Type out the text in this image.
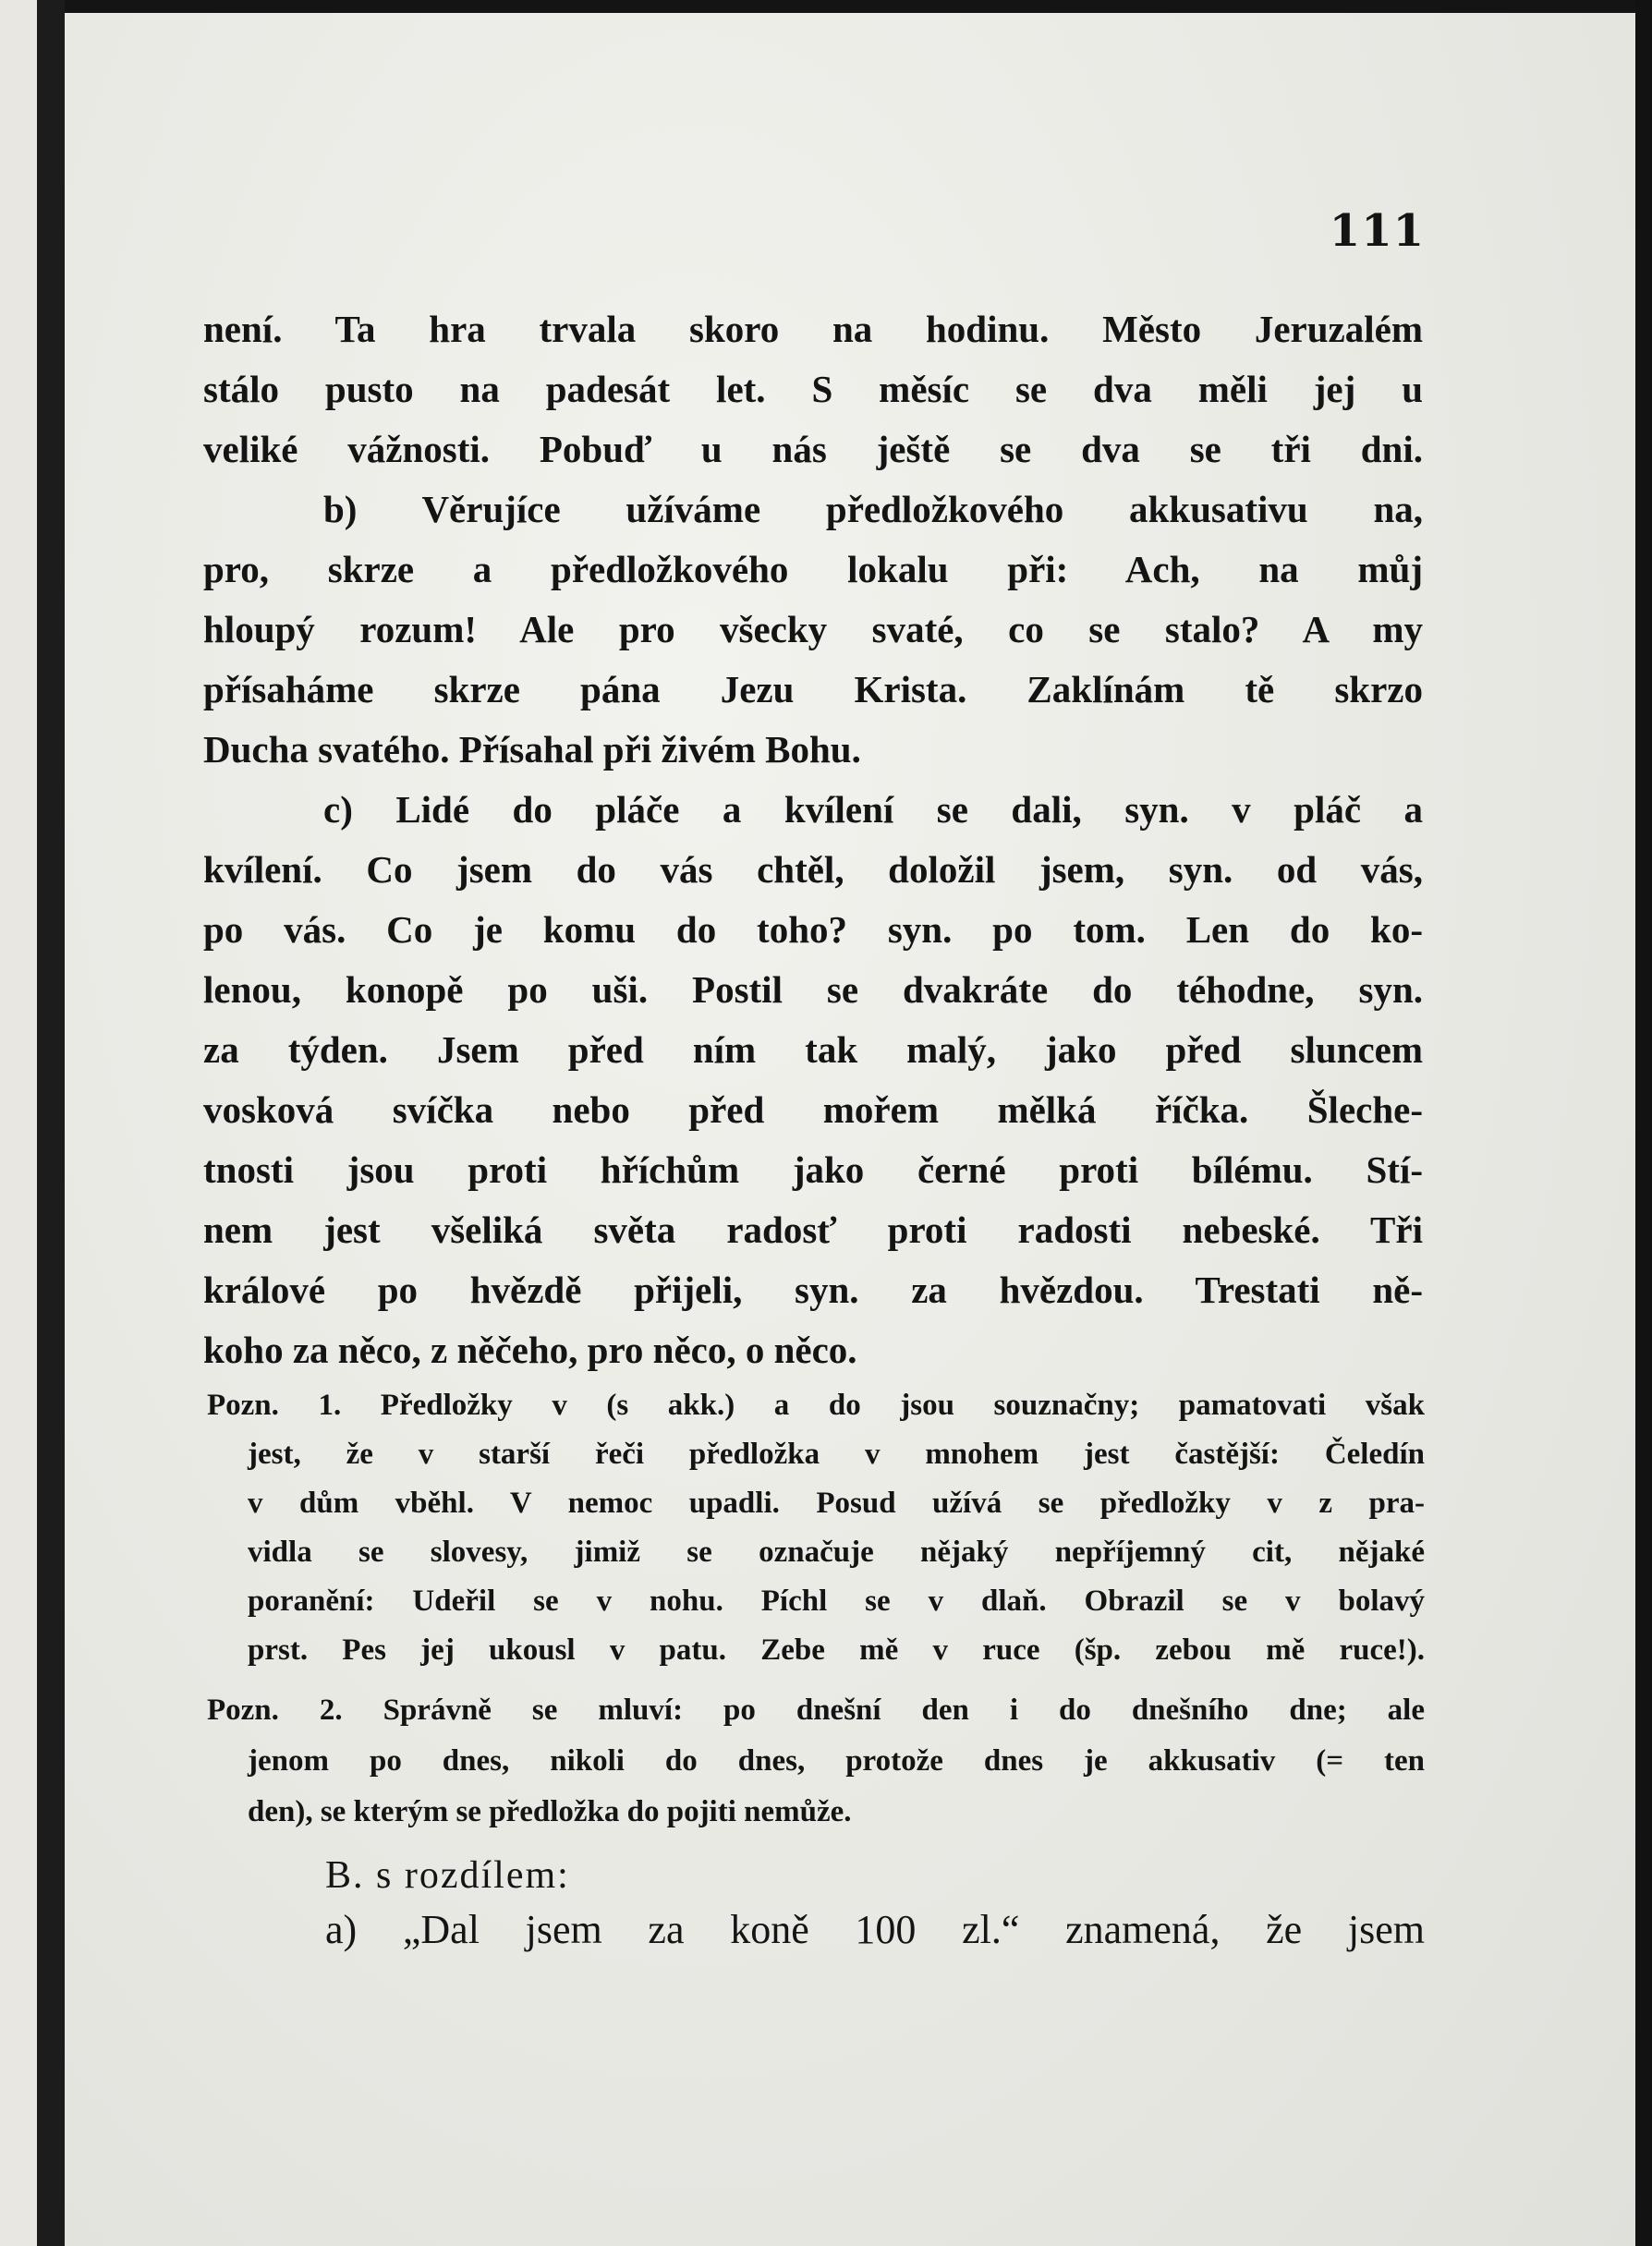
111
není. Ta hra trvala skoro na hodinu. Město Jeruzalém
stálo pusto na padesát let. S měsíc se dva měli jej u
veliké vážnosti. Pobuď u nás ještě se dva se tři dni.
b) Věrujíce užíváme předložkového akkusativu na,
pro, skrze a předložkového lokalu při: Ach, na můj
hloupý rozum! Ale pro všecky svaté, co se stalo? A my
přísaháme skrze pána Jezu Krista. Zaklínám tě skrzo
Ducha svatého. Přísahal při živém Bohu.
c) Lidé do pláče a kvílení se dali, syn. v pláč a
kvílení. Co jsem do vás chtěl, doložil jsem, syn. od vás,
po vás. Co je komu do toho? syn. po tom. Len do ko-
lenou, konopě po uši. Postil se dvakráte do téhodne, syn.
za týden. Jsem před ním tak malý, jako před sluncem
vosková svíčka nebo před mořem mělká říčka. Šleche-
tnosti jsou proti hříchům jako černé proti bílému. Stí-
nem jest všeliká světa radosť proti radosti nebeské. Tři
králové po hvězdě přijeli, syn. za hvězdou. Trestati ně-
koho za něco, z něčeho, pro něco, o něco.
Pozn. 1. Předložky v (s akk.) a do jsou souznačny; pamatovati však
jest, že v starší řeči předložka v mnohem jest častější: Čeledín
v dům vběhl. V nemoc upadli. Posud užívá se předložky v z pra-
vidla se slovesy, jimiž se označuje nějaký nepříjemný cit, nějaké
poranění: Udeřil se v nohu. Píchl se v dlaň. Obrazil se v bolavý
prst. Pes jej ukousl v patu. Zebe mě v ruce (šp. zebou mě ruce!).
Pozn. 2. Správně se mluví: po dnešní den i do dnešního dne; ale
jenom po dnes, nikoli do dnes, protože dnes je akkusativ (= ten
den), se kterým se předložka do pojiti nemůže.
B. s rozdílem:
a) „Dal jsem za koně 100 zl.“ znamená, že jsem
